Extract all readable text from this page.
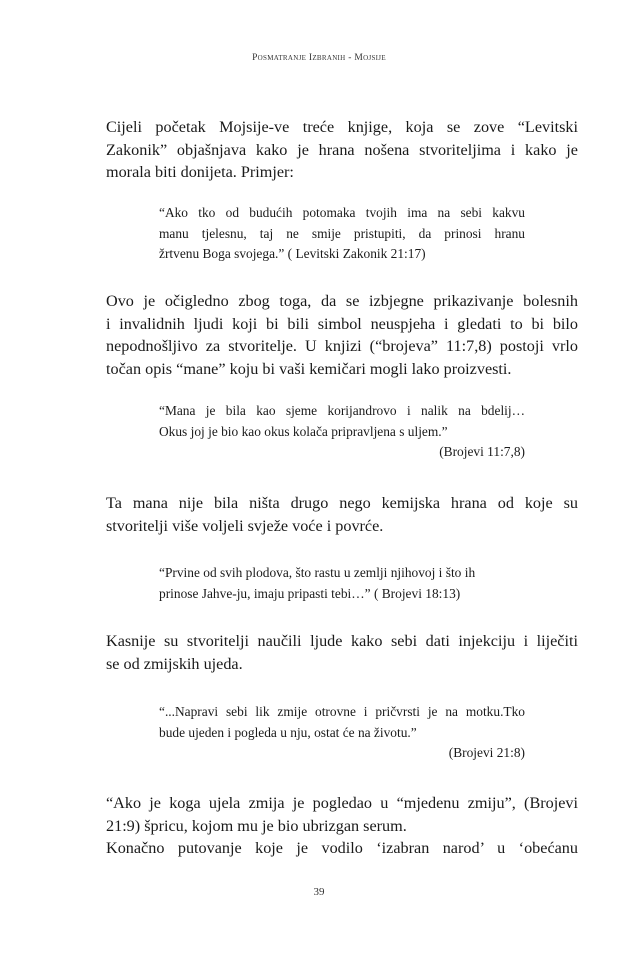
Posmatranje Izbranih - Mojsije
Cijeli početak Mojsije-ve treće knjige, koja se zove “Levitski
Zakonik” objašnjava kako je hrana nošena stvoriteljima i kako je
morala biti donijeta. Primjer:
“Ako tko od budućih potomaka tvojih ima na sebi kakvu
manu tjelesnu, taj ne smije pristupiti, da prinosi hranu
žrtvenu Boga svojega.” ( Levitski Zakonik 21:17)
Ovo je očigledno zbog toga, da se izbjegne prikazivanje bolesnih
i invalidnih ljudi koji bi bili simbol neuspjeha i gledati to bi bilo
nepodnošljivo za stvoritelje. U knjizi (“brojeva” 11:7,8) postoji vrlo
točan opis “mane” koju bi vaši kemičari mogli lako proizvesti.
“Mana je bila kao sjeme korijandrovo i nalik na bdelij…
Okus joj je bio kao okus kolača pripravljena s uljem.”
(Brojevi 11:7,8)
Ta mana nije bila ništa drugo nego kemijska hrana od koje su
stvoritelji više voljeli svježe voće i povrće.
“Prvine od svih plodova, što rastu u zemlji njihovoj i što ih
prinose Jahve-ju, imaju pripasti tebi…” ( Brojevi 18:13)
Kasnije su stvoritelji naučili ljude kako sebi dati injekciju i liječiti
se od zmijskih ujeda.
“...Napravi sebi lik zmije otrovne i pričvrsti je na motku.Tko
bude ujeden i pogleda u nju, ostat će na životu.”
(Brojevi 21:8)
“Ako je koga ujela zmija je pogledao u “mjedenu zmiju”, (Brojevi
21:9) špricu, kojom mu je bio ubrizgan serum.
Konačno putovanje koje je vodilo ‘izabran narod’ u ‘obećanu
39
